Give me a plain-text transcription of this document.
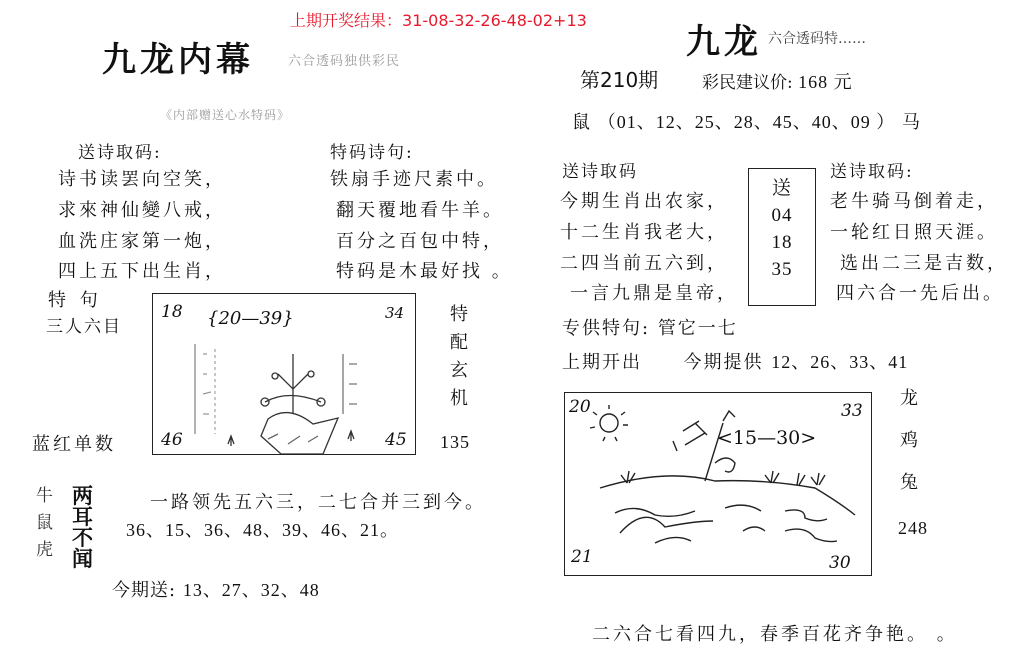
上期开奖结果：31-08-32-26-48-02+13
九龙内幕	六合透码独供彩民
《内部赠送心水特码》
送诗取码:
诗书读罢向空笑，
求來神仙變八戒，
血洗庄家第一炮，
四上五下出生肖，
特码诗句:
铁扇手迹尺素中。
翻天覆地看牛羊。
百分之百包中特，
特码是木最好找 。
特 句
三人六目
蓝红单数
18 {20—39}	34
46	45
特
配
玄
机
135
牛
鼠
虎
两
耳
不
闻
一路领先五六三，二七合并三到今。
36、15、36、48、39、46、21。
今期送: 13、27、32、48
九龙 六合透码特……
第210期	彩民建议价: 168 元
鼠 （01、12、25、28、45、40、09 ） 马
送诗取码
今期生肖出农家，
十二生肖我老大，
二四当前五六到，
一言九鼎是皇帝，
送
04
18
35
送诗取码:
老牛骑马倒着走，
一轮红日照天涯。
选出二三是吉数，
四六合一先后出。
专供特句: 管它一七
上期开出 今期提供 12、26、33、41
20
<15—30>
33
21	30
龙
鸡
兔
248
二六合七看四九，春季百花齐争艳。 。
